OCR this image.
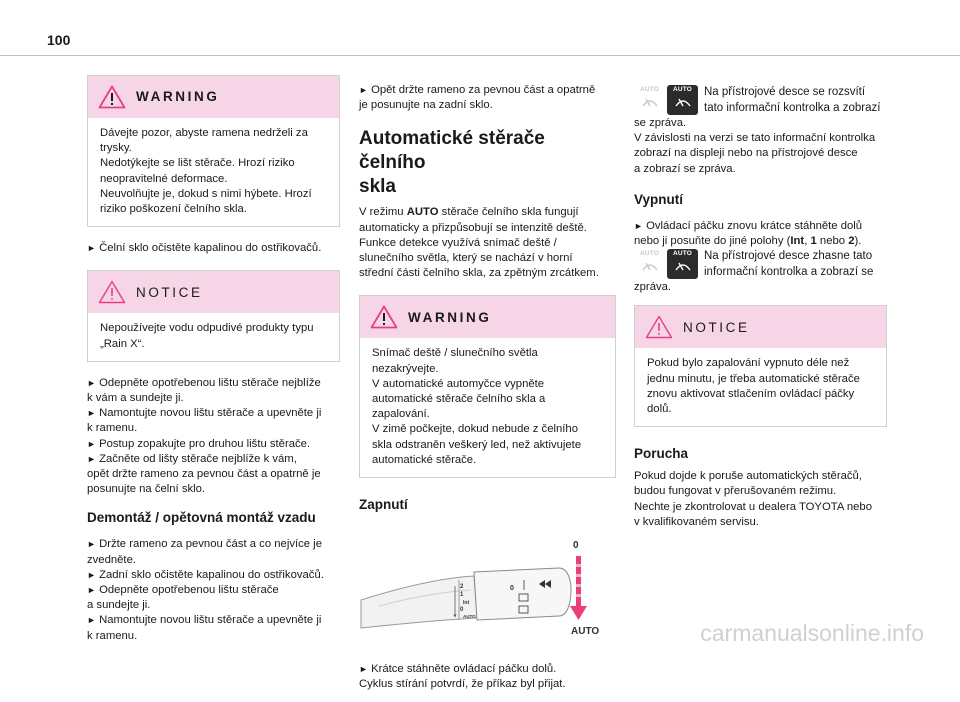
100
WARNING

Dávejte pozor, abyste ramena nedrželi za

trysky.

Nedotýkejte se lišt stěrače. Hrozí riziko

neopravitelné deformace.

Neuvolňujte je, dokud s nimi hýbete. Hrozí

riziko poškození čelního skla.

► Čelní sklo očistěte kapalinou do ostřikovačů.
NOTICE

Nepoužívejte vodu odpudivé produkty typu

„Rain X“.

► Odepněte opotřebenou lištu stěrače nejblíže

k vám a sundejte ji.

► Namontujte novou lištu stěrače a upevněte ji

k ramenu.

► Postup zopakujte pro druhou lištu stěrače.

► Začněte od lišty stěrače nejblíže k vám,

opět držte rameno za pevnou část a opatrně je

posunujte na čelní sklo.

Demontáž / opětovná montáž vzadu

► Držte rameno za pevnou část a co nejvíce je

zvedněte.

► Zadní sklo očistěte kapalinou do ostřikovačů.

► Odepněte opotřebenou lištu stěrače

a sundejte ji.

► Namontujte novou lištu stěrače a upevněte ji

k ramenu.

► Opět držte rameno za pevnou část a opatrně

je posunujte na zadní sklo.

Automatické stěrače čelního
skla

V režimu AUTO stěrače čelního skla fungují

automaticky a přizpůsobují se intenzitě deště.

Funkce detekce využívá snímač deště /

slunečního světla, který se nachází v horní

střední části čelního skla, za zpětným zrcátkem.

WARNING

Snímač deště / slunečního světla

nezakrývejte.

V automatické automyčce vypněte

automatické stěrače čelního skla a

zapalování.

V zimě počkejte, dokud nebude z čelního

skla odstraněn veškerý led, než aktivujete

automatické stěrače.

Zapnutí
2
1
Int
0
AUTO
0
0
AUTO

► Krátce stáhněte ovládací páčku dolů.

Cyklus stírání potvrdí, že příkaz byl přijat.

AUTO AUTO Na přístrojové desce se rozsvítí

tato informační kontrolka a zobrazí

se zpráva.

V závislosti na verzi se tato informační kontrolka

zobrazí na displeji nebo na přístrojové desce

a zobrazí se zpráva.

Vypnutí

► Ovládací páčku znovu krátce stáhněte dolů

nebo ji posuňte do jiné polohy (Int, 1 nebo 2).

AUTO AUTO Na přístrojové desce zhasne tato

informační kontrolka a zobrazí se

zpráva.

NOTICE

Pokud bylo zapalování vypnuto déle než

jednu minutu, je třeba automatické stěrače

znovu aktivovat stlačením ovládací páčky

dolů.

Porucha

Pokud dojde k poruše automatických stěračů,

budou fungovat v přerušovaném režimu.

Nechte je zkontrolovat u dealera TOYOTA nebo

v kvalifikovaném servisu.

carmanualsonline.info
